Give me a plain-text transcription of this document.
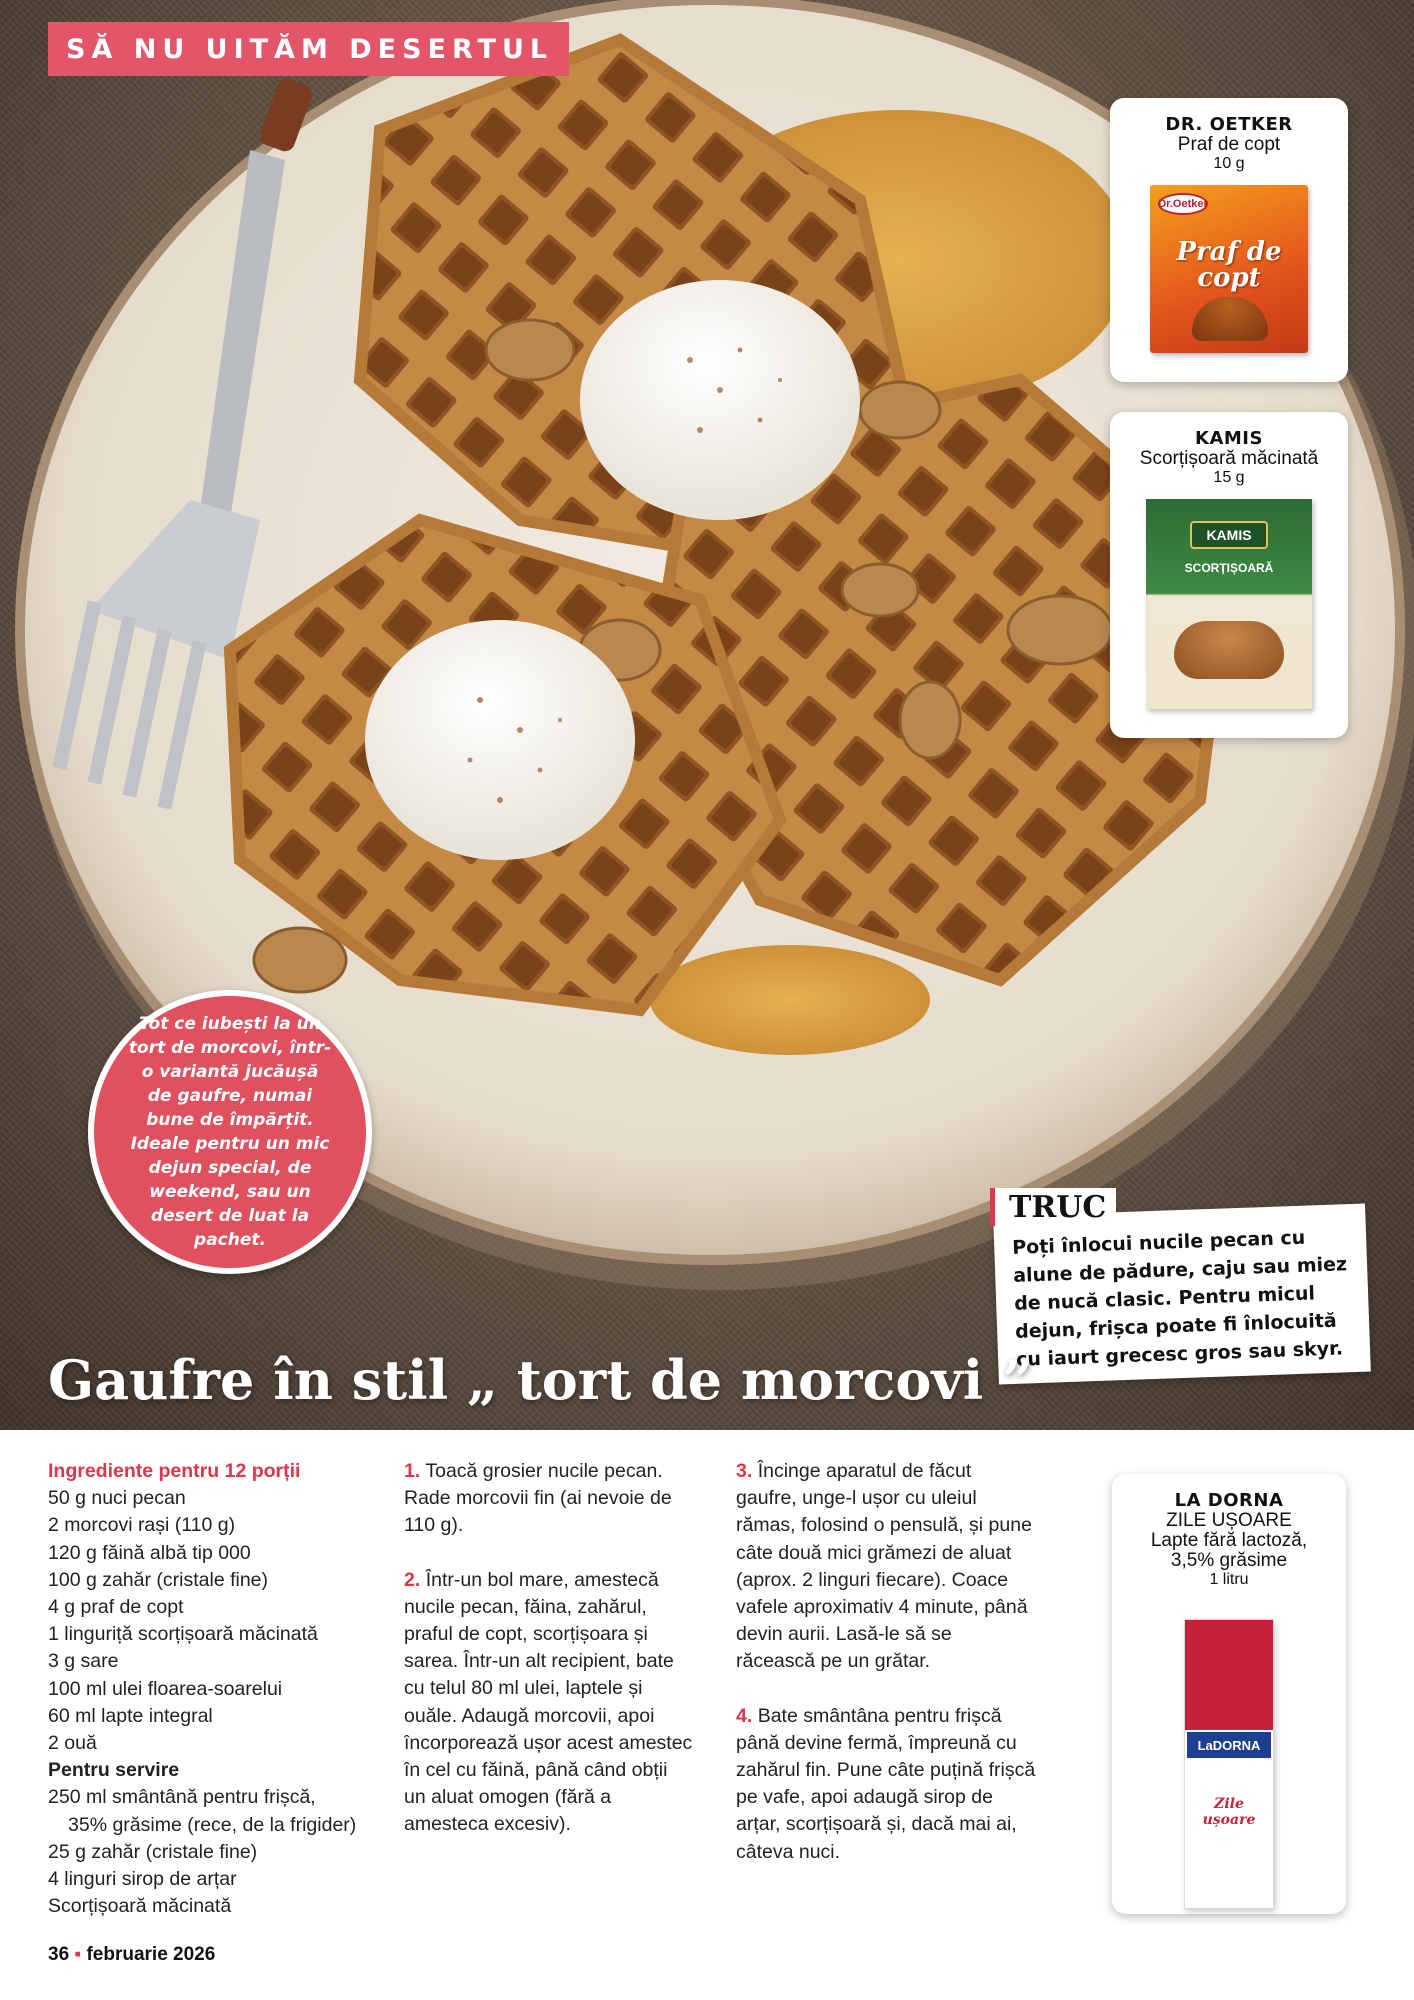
SĂ NU UITĂM DESERTUL
DR. OETKER
Praf de copt
10 g
Dr.Oetker
Praf de copt
KAMIS
Scorțișoară măcinată
15 g
KAMIS
SCORȚIȘOARĂ
Tot ce iubești la un tort de morcovi, într-o variantă jucăușă de gaufre, numai bune de împărțit. Ideale pentru un mic dejun special, de weekend, sau un desert de luat la pachet.	Poți înlocui nucile pecan cu alune de pădure, caju sau miez de nucă clasic. Pentru micul dejun, frișca poate fi înlocuită cu iaurt grecesc gros sau skyr.

TRUC
Gaufre în stil „ tort de morcovi ”
Ingrediente pentru 12 porții
50 g nuci pecan
2 morcovi rași (110 g)
120 g făină albă tip 000
100 g zahăr (cristale fine)
4 g praf de copt
1 linguriță scorțișoară măcinată
3 g sare
100 ml ulei floarea-soarelui
60 ml lapte integral
2 ouă
Pentru servire
250 ml smântână pentru frișcă,
35% grăsime (rece, de la frigider)
25 g zahăr (cristale fine)
4 linguri sirop de arțar
Scorțișoară măcinată

1. Toacă grosier nucile pecan. Rade morcovii fin (ai nevoie de 110 g).

2. Într-un bol mare, amestecă nucile pecan, făina, zahărul, praful de copt, scorțișoara și sarea. Într-un alt recipient, bate cu telul 80 ml ulei, laptele și ouăle. Adaugă morcovii, apoi încorporează ușor acest amestec în cel cu făină, până când obții un aluat omogen (fără a amesteca excesiv).

3. Încinge aparatul de făcut gaufre, unge-l ușor cu uleiul rămas, folosind o pensulă, și pune câte două mici grămezi de aluat (aprox. 2 linguri fiecare). Coace vafele aproximativ 4 minute, până devin aurii. Lasă-le să se răcească pe un grătar.

4. Bate smântâna pentru frișcă până devine fermă, împreună cu zahărul fin. Pune câte puțină frișcă pe vafe, apoi adaugă sirop de arțar, scorțișoară și, dacă mai ai, câteva nuci.

LA DORNA
ZILE UȘOARE
Lapte fără lactoză,
3,5% grăsime
1 litru
LaDORNA
Zile
ușoare
36 ▪ februarie 2026
